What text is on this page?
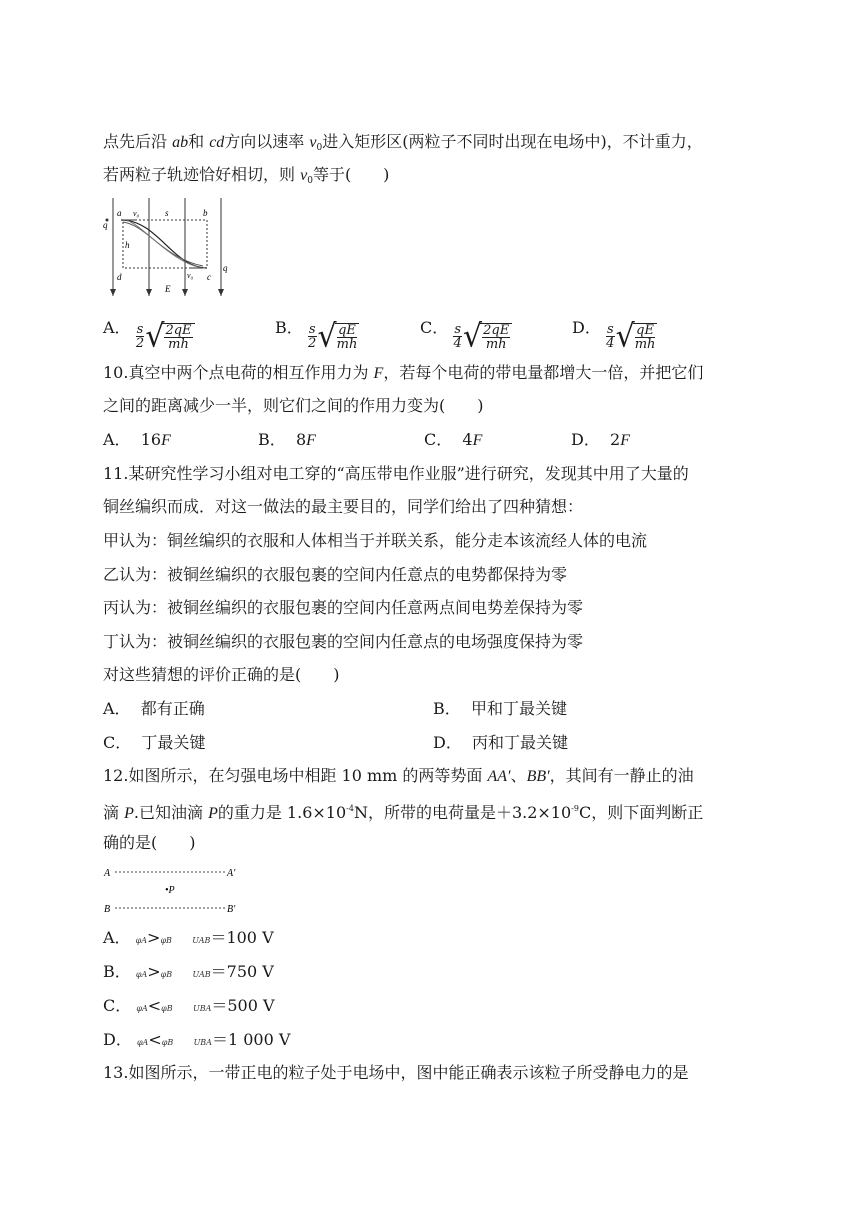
点先后沿 ab和 cd方向以速率 $v_0$进入矩形区(两粒子不同时出现在电场中)，不计重力，
若两粒子轨迹恰好相切，则 $v_0$等于(　　)
a v₀	s	b
q
h
d	v₀ c
q
E
A． $\frac{s}{2}$ √ $\frac{2qE}{mh}$	B． $\frac{s}{2}$ √ $\frac{qE}{mh}$	C． $\frac{s}{4}$ √ $\frac{2qE}{mh}$	D． $\frac{s}{4}$ √ $\frac{qE}{mh}$
10.真空中两个点电荷的相互作用力为 F，若每个电荷的带电量都增大一倍，并把它们
之间的距离减少一半，则它们之间的作用力变为(　　)
A． 16F	B． 8F	C． 4F	D． 2F
11.某研究性学习小组对电工穿的“高压带电作业服”进行研究，发现其中用了大量的
铜丝编织而成．对这一做法的最主要目的，同学们给出了四种猜想：
甲认为：铜丝编织的衣服和人体相当于并联关系，能分走本该流经人体的电流
乙认为：被铜丝编织的衣服包裹的空间内任意点的电势都保持为零
丙认为：被铜丝编织的衣服包裹的空间内任意两点间电势差保持为零
丁认为：被铜丝编织的衣服包裹的空间内任意点的电场强度保持为零
对这些猜想的评价正确的是(　　)
A． 都有正确	B． 甲和丁最关键
C． 丁最关键	D． 丙和丁最关键
12.如图所示，在匀强电场中相距 10 mm 的两等势面 AA′、BB′，其间有一静止的油
滴 P.已知油滴 P的重力是 $1.6\times 10^{-4}N$，所带的电荷量是$+3.2\times 10^{-9}C$，则下面判断正
确的是(　　)
A	A′
•P
B	B′
A． φA>φB	UAB＝100 V
B． φA>φB	UAB＝750 V
C． φA<φB	UBA＝500 V
D． φA<φB	UBA＝1 000 V
13.如图所示，一带正电的粒子处于电场中，图中能正确表示该粒子所受静电力的是
